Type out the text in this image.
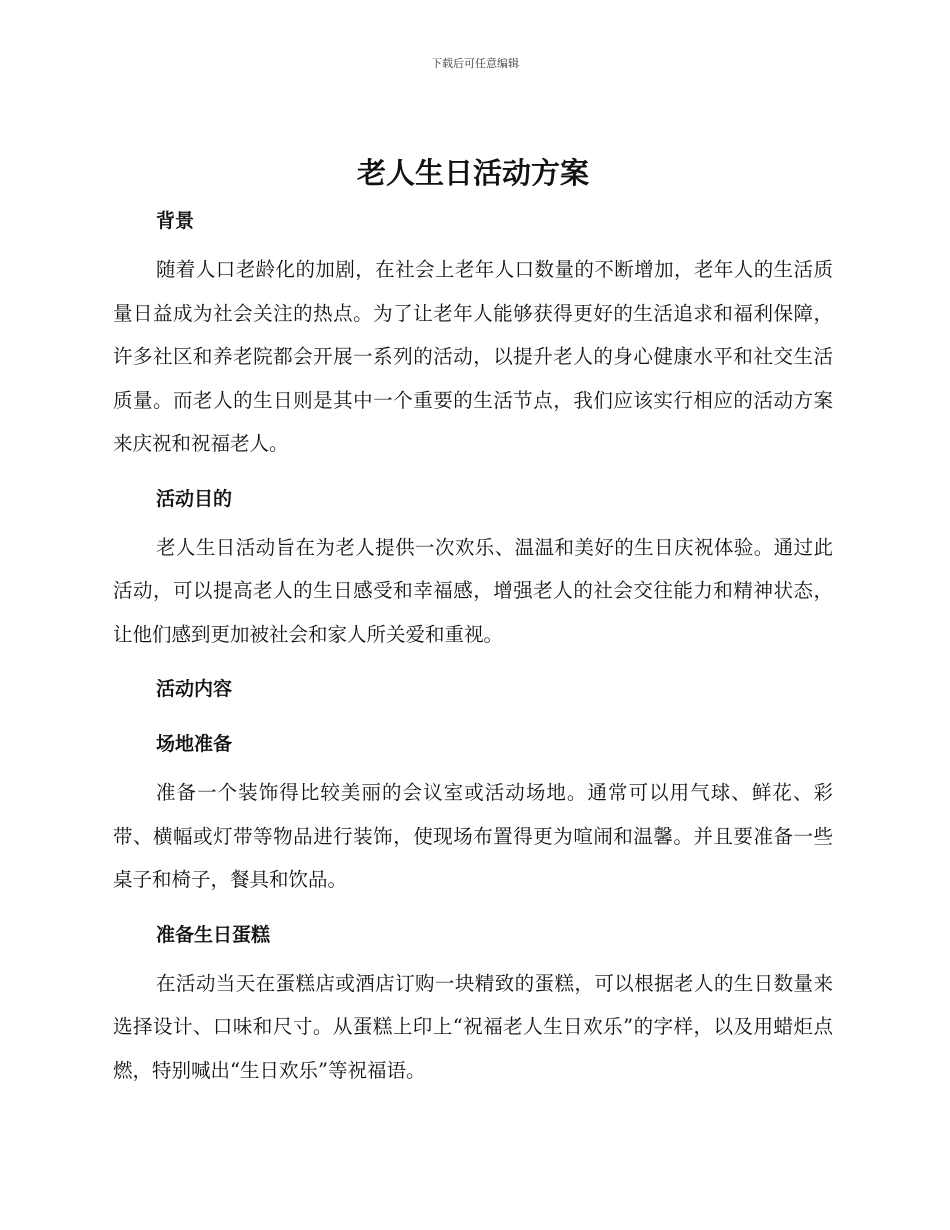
下载后可任意编辑
老人生日活动方案

背景

随着人口老龄化的加剧，在社会上老年人口数量的不断增加，老年人的生活质量日益成为社会关注的热点。为了让老年人能够获得更好的生活追求和福利保障，许多社区和养老院都会开展一系列的活动，以提升老人的身心健康水平和社交生活质量。而老人的生日则是其中一个重要的生活节点，我们应该实行相应的活动方案来庆祝和祝福老人。

活动目的

老人生日活动旨在为老人提供一次欢乐、温温和美好的生日庆祝体验。通过此活动，可以提高老人的生日感受和幸福感，增强老人的社会交往能力和精神状态，让他们感到更加被社会和家人所关爱和重视。

活动内容

场地准备

准备一个装饰得比较美丽的会议室或活动场地。通常可以用气球、鲜花、彩带、横幅或灯带等物品进行装饰，使现场布置得更为喧闹和温馨。并且要准备一些桌子和椅子，餐具和饮品。

准备生日蛋糕

在活动当天在蛋糕店或酒店订购一块精致的蛋糕，可以根据老人的生日数量来选择设计、口味和尺寸。从蛋糕上印上“祝福老人生日欢乐”的字样，以及用蜡炬点燃，特别喊出“生日欢乐”等祝福语。
